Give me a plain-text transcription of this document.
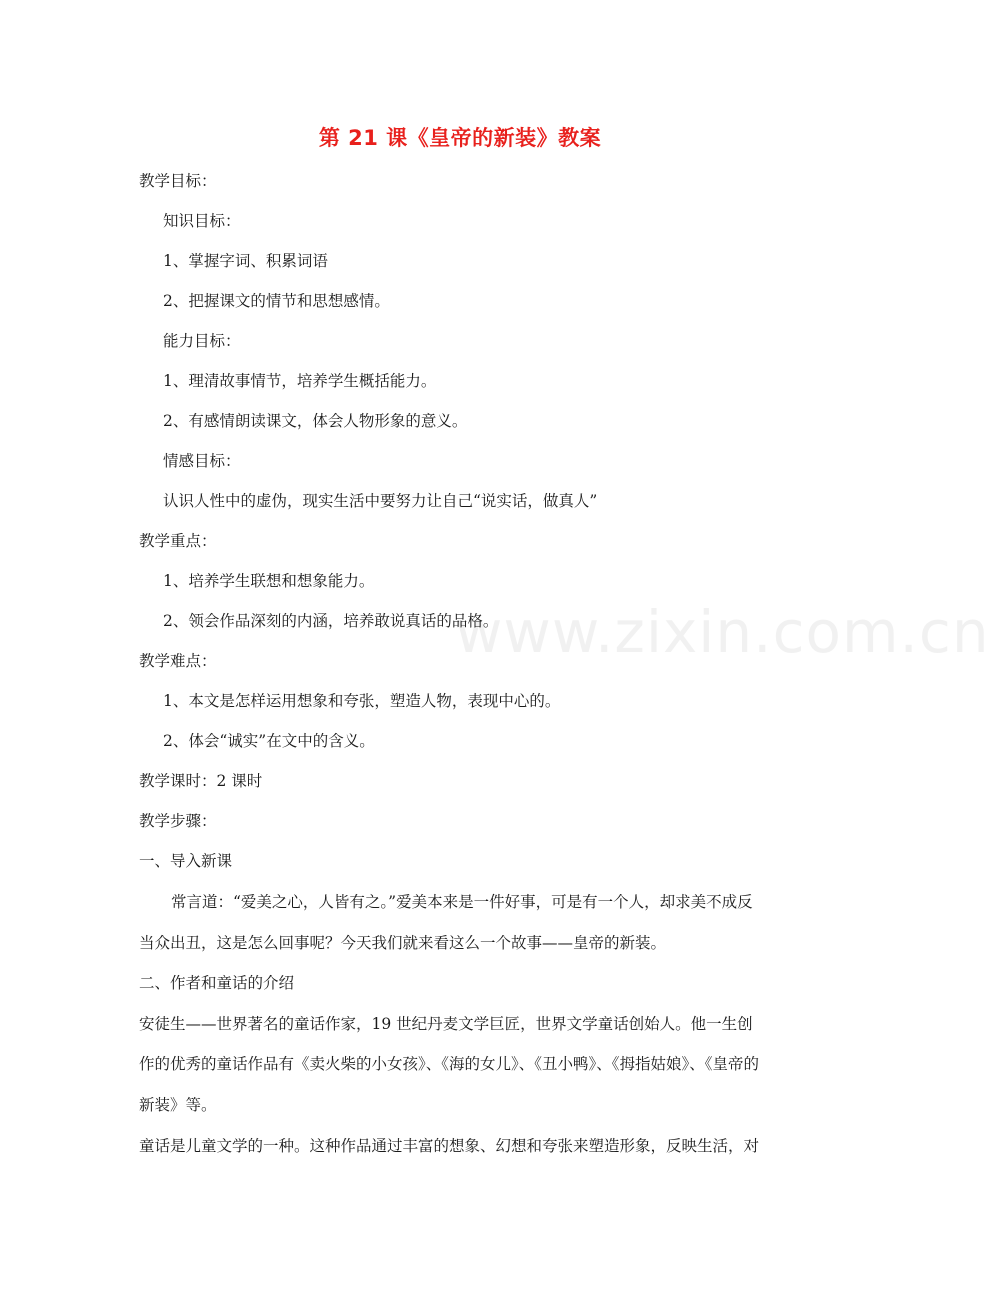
www.zixin.com.cn
第 21 课《皇帝的新装》教案
教学目标：
知识目标：
1、掌握字词、积累词语
2、把握课文的情节和思想感情。
能力目标：
1、理清故事情节，培养学生概括能力。
2、有感情朗读课文，体会人物形象的意义。
情感目标：
认识人性中的虚伪，现实生活中要努力让自己“说实话，做真人”
教学重点：
1、培养学生联想和想象能力。
2、领会作品深刻的内涵，培养敢说真话的品格。
教学难点：
1、本文是怎样运用想象和夸张，塑造人物，表现中心的。
2、体会“诚实”在文中的含义。
教学课时：2 课时
教学步骤：
一、导入新课
常言道：“爱美之心，人皆有之。”爱美本来是一件好事，可是有一个人，却求美不成反
当众出丑，这是怎么回事呢？今天我们就来看这么一个故事——皇帝的新装。
二、作者和童话的介绍
安徒生——世界著名的童话作家，19 世纪丹麦文学巨匠，世界文学童话创始人。他一生创
作的优秀的童话作品有《卖火柴的小女孩》、《海的女儿》、《丑小鸭》、《拇指姑娘》、《皇帝的
新装》等。
童话是儿童文学的一种。这种作品通过丰富的想象、幻想和夸张来塑造形象，反映生活，对
